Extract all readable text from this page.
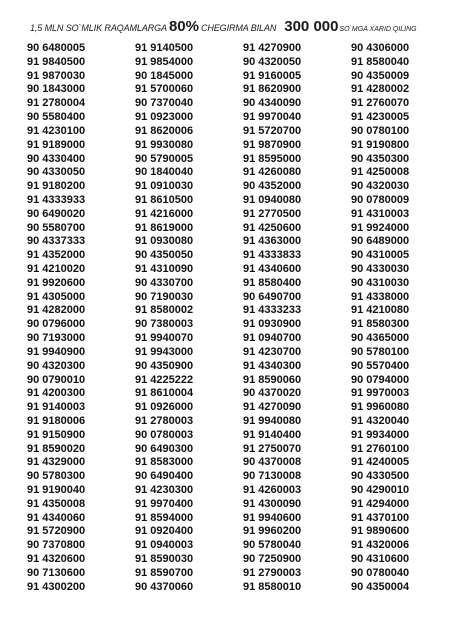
1,5 MLN SO`MLIK RAQAMLARGA 80% CHEGIRMA BILAN 300 000 SO`MGA XARID QILING
90 6480005	91 9140500	91 4270900	90 4306000
91 9840500	91 9854000	90 4320050	91 8580040
91 9870030	90 1845000	91 9160005	90 4350009
90 1843000	91 5700060	91 8620900	91 4280002
91 2780004	90 7370040	90 4340090	91 2760070
90 5580400	91 0923000	91 9970040	91 4230005
91 4230100	91 8620006	91 5720700	90 0780100
91 9189000	91 9930080	91 9870900	91 9190800
90 4330400	90 5790005	91 8595000	90 4350300
90 4330050	90 1840040	91 4260080	91 4250008
91 9180200	91 0910030	90 4352000	90 4320030
91 4333933	91 8610500	91 0940080	90 0780009
90 6490020	91 4216000	91 2770500	91 4310003
90 5580700	91 8619000	91 4250600	91 9924000
90 4337333	91 0930080	91 4363000	90 6489000
91 4352000	90 4350050	91 4333833	90 4310005
91 4210020	91 4310090	91 4340600	90 4330030
91 9920600	90 4330700	91 8580400	90 4310030
91 4305000	90 7190030	90 6490700	91 4338000
91 4282000	91 8580002	91 4333233	91 4210080
90 0796000	90 7380003	91 0930900	91 8580300
90 7193000	91 9940070	91 0940700	90 4365000
91 9940900	91 9943000	91 4230700	90 5780100
90 4320300	90 4350900	91 4340300	90 5570400
90 0790010	91 4225222	91 8590060	90 0794000
91 4200300	91 8610004	90 4370020	91 9970003
91 9140003	91 0926000	91 4270090	91 9960080
91 9180006	91 2780003	91 9940080	91 4320040
91 9150900	90 0780003	91 9140400	91 9934000
91 8590020	90 6490300	91 2750070	91 2760100
91 4329000	91 8583000	90 4370008	91 4240005
90 5780300	90 6490400	90 7130008	90 4330500
91 9190040	91 4230300	91 4260003	90 4290010
91 4350008	91 9970400	91 4300090	91 4294000
91 4340060	91 8594000	91 9940600	91 4370100
91 5720900	91 0920400	91 9960200	91 9890600
90 7370800	91 0940003	90 5780040	91 4320006
91 4320600	91 8590030	90 7250900	90 4310600
90 7130600	91 8590700	91 2790003	90 0780040
91 4300200	90 4370060	91 8580010	90 4350004
